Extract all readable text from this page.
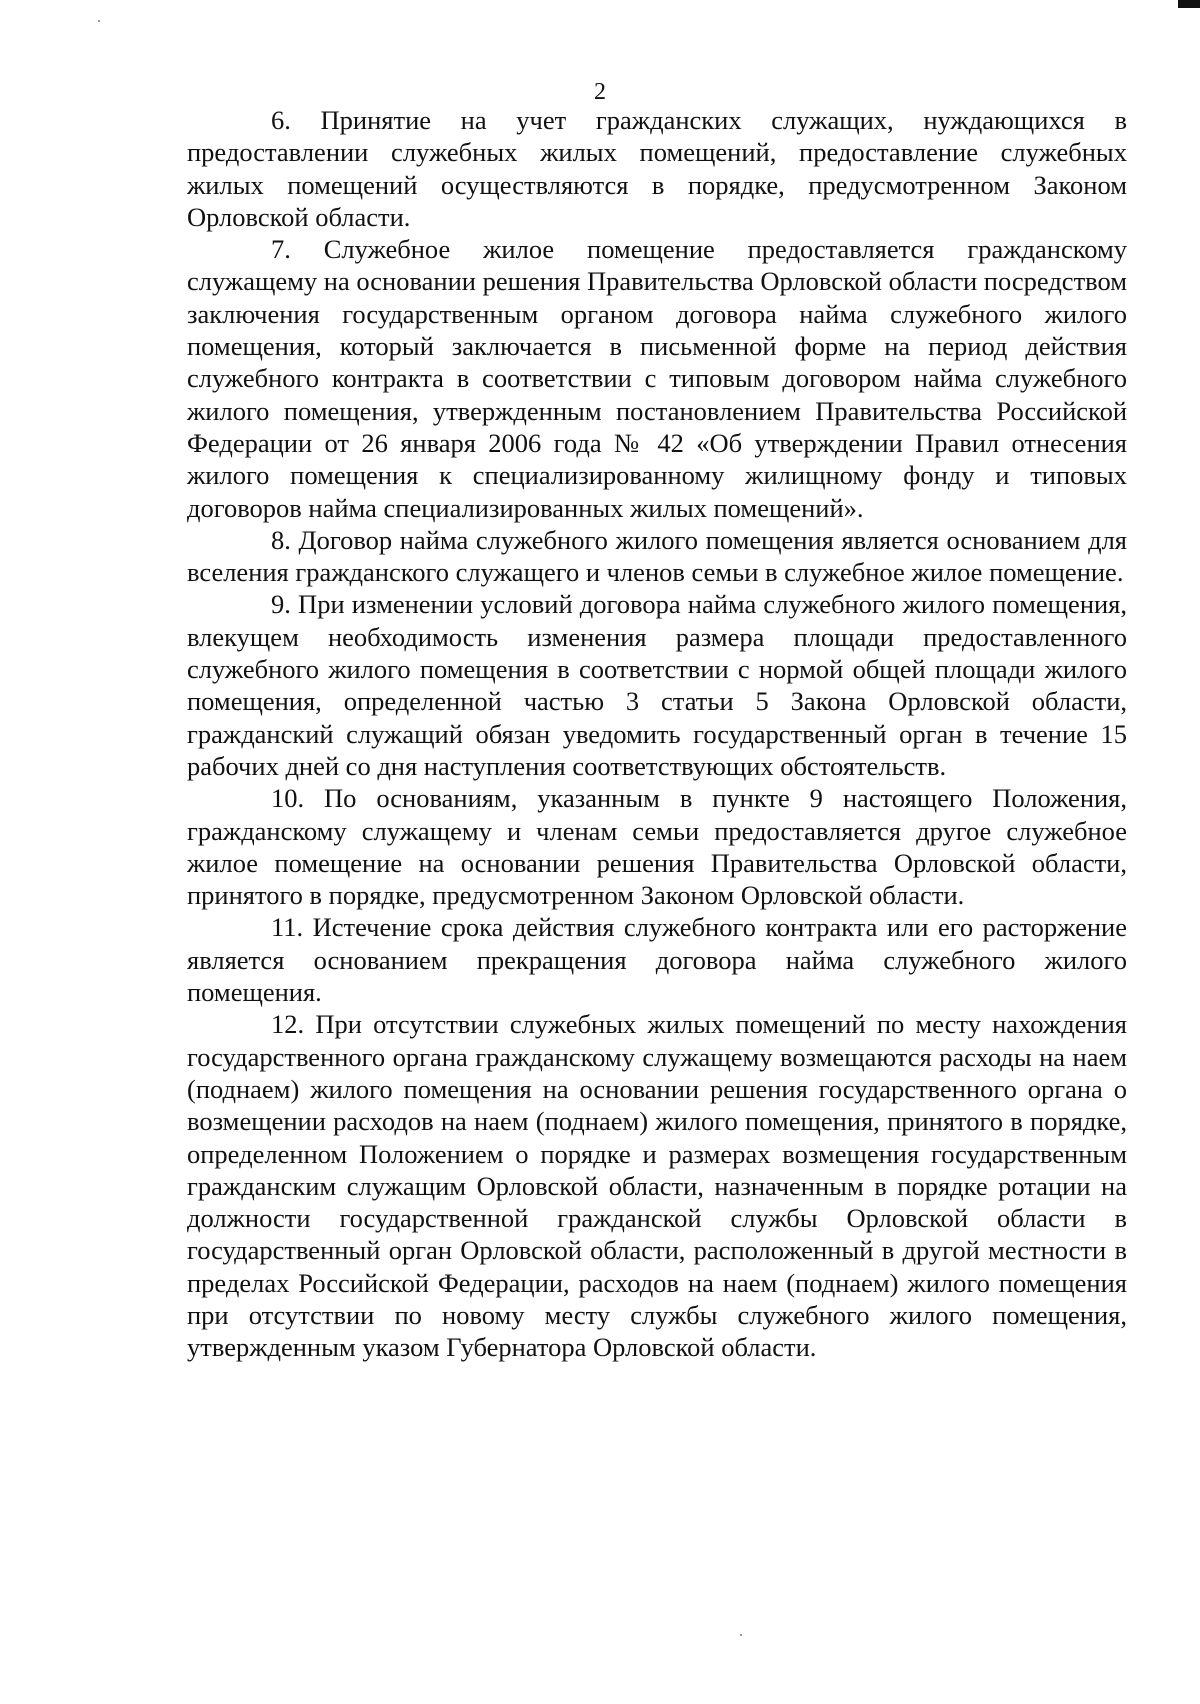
2

6. Принятие на учет гражданских служащих, нуждающихся в предоставлении служебных жилых помещений, предоставление служебных жилых помещений осуществляются в порядке, предусмотренном Законом Орловской области.

7. Служебное жилое помещение предоставляется гражданскому служащему на основании решения Правительства Орловской области посредством заключения государственным органом договора найма служебного жилого помещения, который заключается в письменной форме на период действия служебного контракта в соответствии с типовым договором найма служебного жилого помещения, утвержденным постановлением Правительства Российской Федерации от 26 января 2006 года № 42 «Об утверждении Правил отнесения жилого помещения к специализированному жилищному фонду и типовых договоров найма специализированных жилых помещений».

8. Договор найма служебного жилого помещения является основанием для вселения гражданского служащего и членов семьи в служебное жилое помещение.

9. При изменении условий договора найма служебного жилого помещения, влекущем необходимость изменения размера площади предоставленного служебного жилого помещения в соответствии с нормой общей площади жилого помещения, определенной частью 3 статьи 5 Закона Орловской области, гражданский служащий обязан уведомить государственный орган в течение 15 рабочих дней со дня наступления соответствующих обстоятельств.

10. По основаниям, указанным в пункте 9 настоящего Положения, гражданскому служащему и членам семьи предоставляется другое служебное жилое помещение на основании решения Правительства Орловской области, принятого в порядке, предусмотренном Законом Орловской области.

11. Истечение срока действия служебного контракта или его расторжение является основанием прекращения договора найма служебного жилого помещения.

12. При отсутствии служебных жилых помещений по месту нахождения государственного органа гражданскому служащему возмещаются расходы на наем (поднаем) жилого помещения на основании решения государственного органа о возмещении расходов на наем (поднаем) жилого помещения, принятого в порядке, определенном Положением о порядке и размерах возмещения государственным гражданским служащим Орловской области, назначенным в порядке ротации на должности государственной гражданской службы Орловской области в государственный орган Орловской области, расположенный в другой местности в пределах Российской Федерации, расходов на наем (поднаем) жилого помещения при отсутствии по новому месту службы служебного жилого помещения, утвержденным указом Губернатора Орловской области.
